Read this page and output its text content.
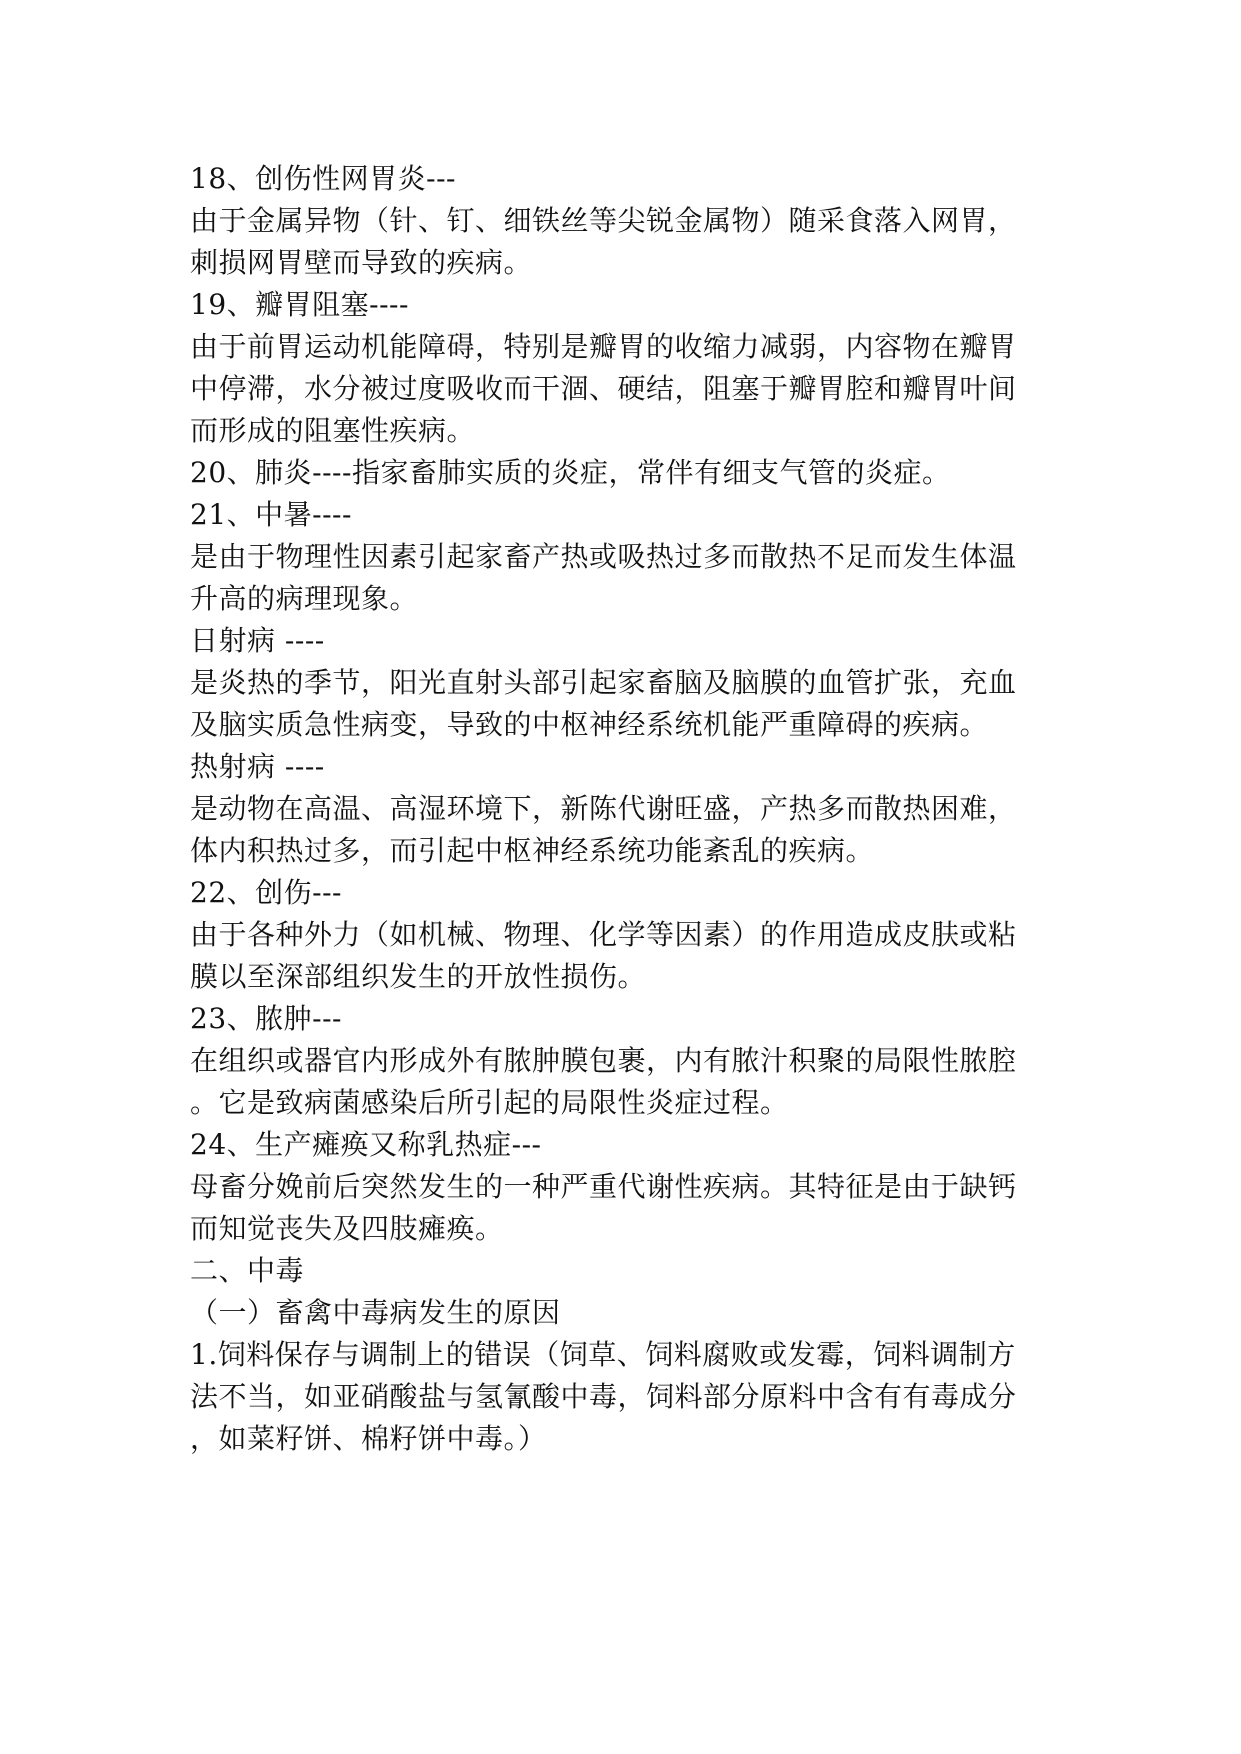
18、创伤性网胃炎---
由于金属异物（针、钉、细铁丝等尖锐金属物）随采食落入网胃，
刺损网胃壁而导致的疾病。
19、瓣胃阻塞----
由于前胃运动机能障碍，特别是瓣胃的收缩力减弱，内容物在瓣胃
中停滞，水分被过度吸收而干涸、硬结，阻塞于瓣胃腔和瓣胃叶间
而形成的阻塞性疾病。
20、肺炎----指家畜肺实质的炎症，常伴有细支气管的炎症。
21、中暑----
是由于物理性因素引起家畜产热或吸热过多而散热不足而发生体温
升高的病理现象。
日射病 ----
是炎热的季节，阳光直射头部引起家畜脑及脑膜的血管扩张，充血
及脑实质急性病变，导致的中枢神经系统机能严重障碍的疾病。
热射病 ----
是动物在高温、高湿环境下，新陈代谢旺盛，产热多而散热困难，
体内积热过多，而引起中枢神经系统功能紊乱的疾病。
22、创伤---
由于各种外力（如机械、物理、化学等因素）的作用造成皮肤或粘
膜以至深部组织发生的开放性损伤。
23、脓肿---
在组织或器官内形成外有脓肿膜包裹，内有脓汁积聚的局限性脓腔
。它是致病菌感染后所引起的局限性炎症过程。
24、生产瘫痪又称乳热症---
母畜分娩前后突然发生的一种严重代谢性疾病。其特征是由于缺钙
而知觉丧失及四肢瘫痪。
二、中毒
（一）畜禽中毒病发生的原因
1.饲料保存与调制上的错误（饲草、饲料腐败或发霉，饲料调制方
法不当，如亚硝酸盐与氢氰酸中毒，饲料部分原料中含有有毒成分
，如菜籽饼、棉籽饼中毒。）
